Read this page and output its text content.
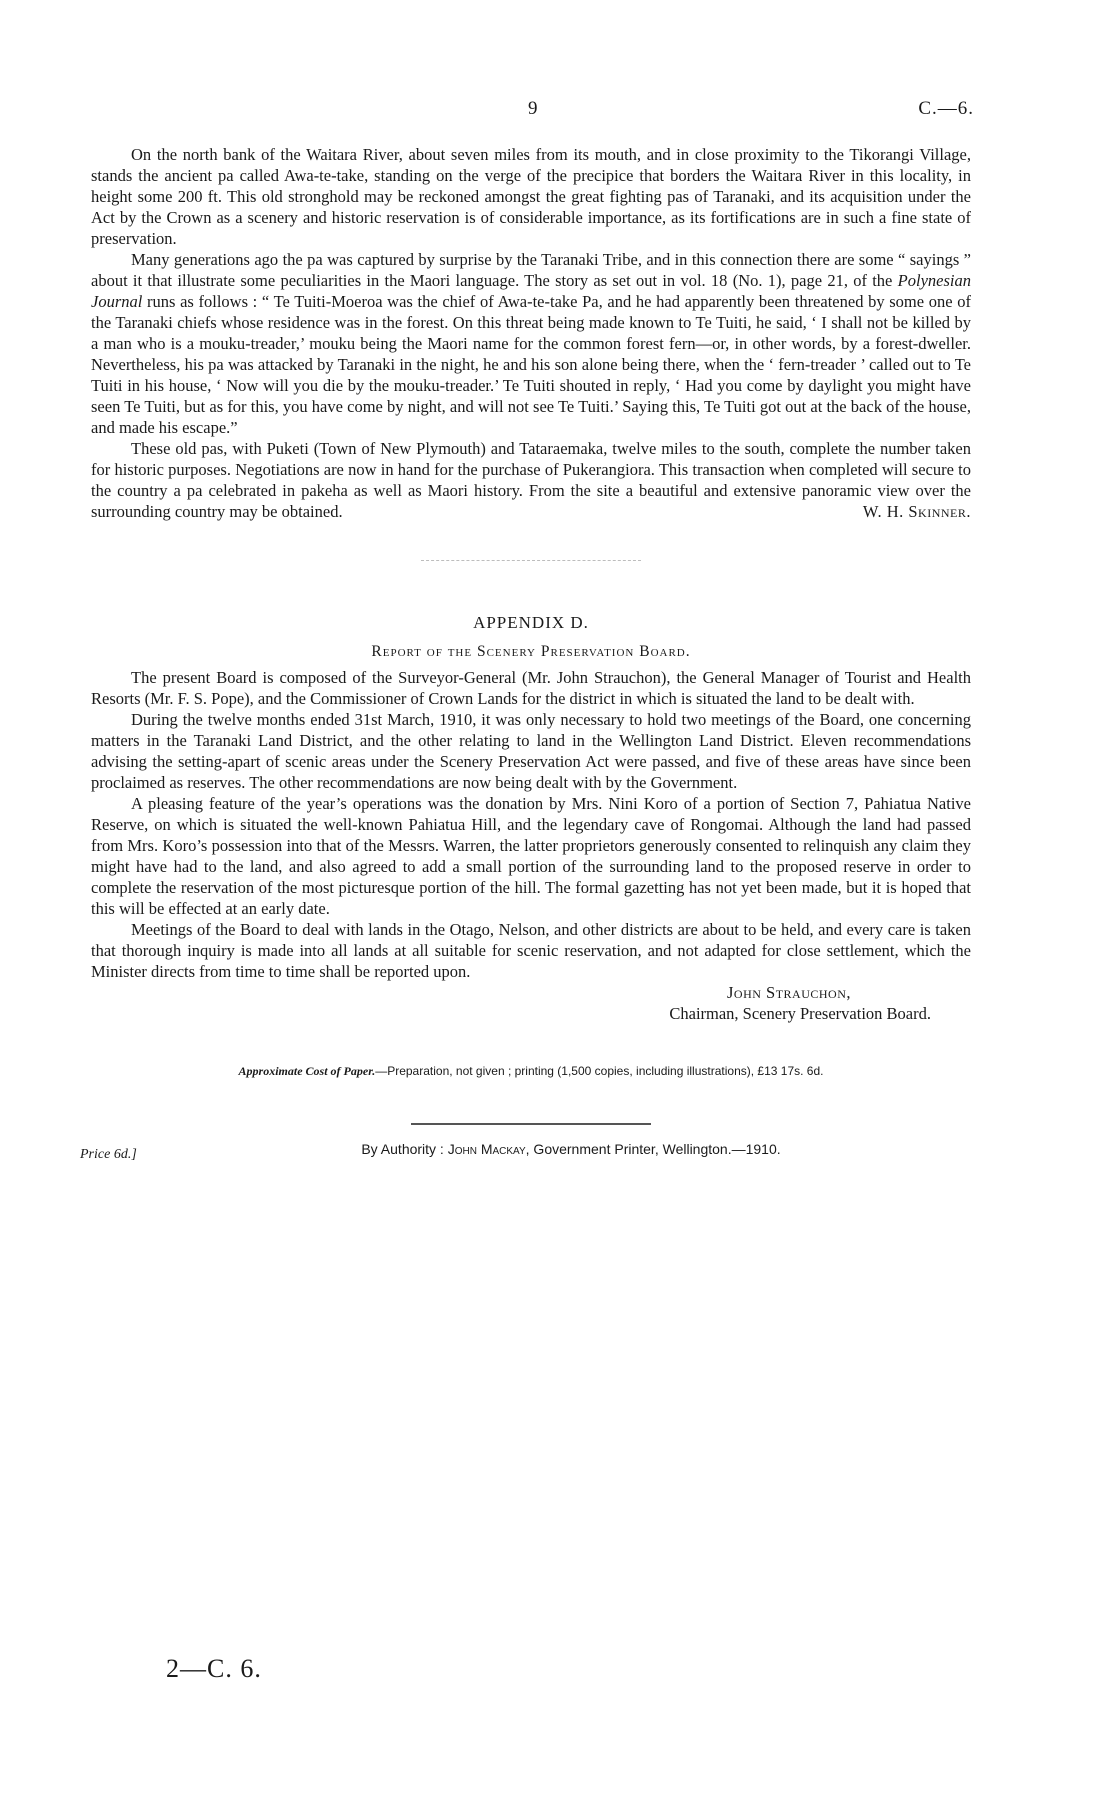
9	C.—6.

On the north bank of the Waitara River, about seven miles from its mouth, and in close proximity to the Tikorangi Village, stands the ancient pa called Awa-te-take, standing on the verge of the precipice that borders the Waitara River in this locality, in height some 200 ft. This old stronghold may be reckoned amongst the great fighting pas of Taranaki, and its acquisition under the Act by the Crown as a scenery and historic reservation is of considerable importance, as its fortifications are in such a fine state of preservation.

Many generations ago the pa was captured by surprise by the Taranaki Tribe, and in this connection there are some “ sayings ” about it that illustrate some peculiarities in the Maori language. The story as set out in vol. 18 (No. 1), page 21, of the Polynesian Journal runs as follows : “ Te Tuiti-Moeroa was the chief of Awa-te-take Pa, and he had apparently been threatened by some one of the Taranaki chiefs whose residence was in the forest. On this threat being made known to Te Tuiti, he said, ‘ I shall not be killed by a man who is a mouku-treader,’ mouku being the Maori name for the common forest fern—or, in other words, by a forest-dweller. Nevertheless, his pa was attacked by Taranaki in the night, he and his son alone being there, when the ‘ fern-treader ’ called out to Te Tuiti in his house, ‘ Now will you die by the mouku-treader.’ Te Tuiti shouted in reply, ‘ Had you come by daylight you might have seen Te Tuiti, but as for this, you have come by night, and will not see Te Tuiti.’ Saying this, Te Tuiti got out at the back of the house, and made his escape.”

These old pas, with Puketi (Town of New Plymouth) and Tataraemaka, twelve miles to the south, complete the number taken for historic purposes. Negotiations are now in hand for the purchase of Pukerangiora. This transaction when completed will secure to the country a pa celebrated in pakeha as well as Maori history. From the site a beautiful and extensive panoramic view over the surrounding country may be obtained.	W. H. Skinner.

APPENDIX D.
Report of the Scenery Preservation Board.

The present Board is composed of the Surveyor-General (Mr. John Strauchon), the General Manager of Tourist and Health Resorts (Mr. F. S. Pope), and the Commissioner of Crown Lands for the district in which is situated the land to be dealt with.

During the twelve months ended 31st March, 1910, it was only necessary to hold two meetings of the Board, one concerning matters in the Taranaki Land District, and the other relating to land in the Wellington Land District. Eleven recommendations advising the setting-apart of scenic areas under the Scenery Preservation Act were passed, and five of these areas have since been proclaimed as reserves. The other recommendations are now being dealt with by the Government.

A pleasing feature of the year’s operations was the donation by Mrs. Nini Koro of a portion of Section 7, Pahiatua Native Reserve, on which is situated the well-known Pahiatua Hill, and the legendary cave of Rongomai. Although the land had passed from Mrs. Koro’s possession into that of the Messrs. Warren, the latter proprietors generously consented to relinquish any claim they might have had to the land, and also agreed to add a small portion of the surrounding land to the proposed reserve in order to complete the reservation of the most picturesque portion of the hill. The formal gazetting has not yet been made, but it is hoped that this will be effected at an early date.

Meetings of the Board to deal with lands in the Otago, Nelson, and other districts are about to be held, and every care is taken that thorough inquiry is made into all lands at all suitable for scenic reservation, and not adapted for close settlement, which the Minister directs from time to time shall be reported upon.

John Strauchon,
Chairman, Scenery Preservation Board.
Approximate Cost of Paper.—Preparation, not given ; printing (1,500 copies, including illustrations), £13 17s. 6d.
Price 6d.]	By Authority : John Mackay, Government Printer, Wellington.—1910.
2—C. 6.
